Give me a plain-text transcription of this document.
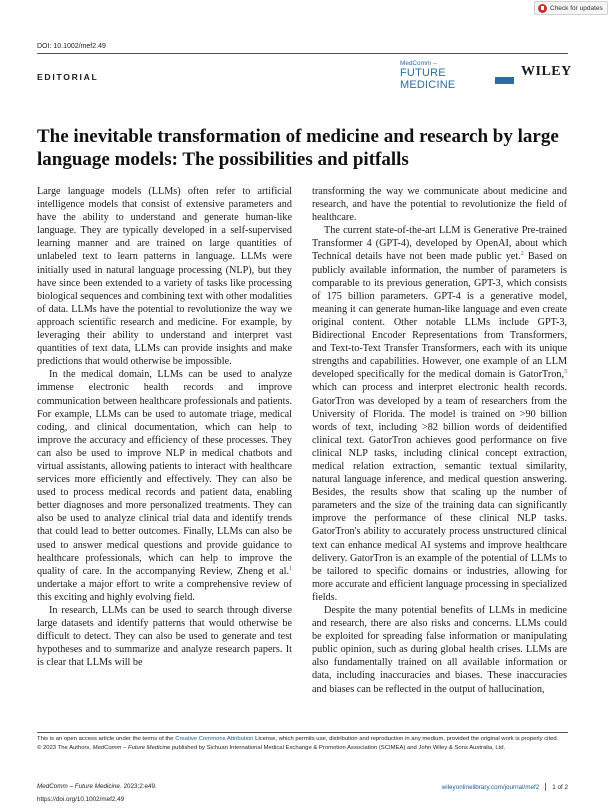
Check for updates
DOI: 10.1002/mef2.49
EDITORIAL
MedComm –
FUTURE MEDICINE
WILEY
The inevitable transformation of medicine and research by large language models: The possibilities and pitfalls

Large language models (LLMs) often refer to artificial intelligence models that consist of extensive parameters and have the ability to understand and generate human-like language. They are typically developed in a self-supervised learning manner and are trained on large quantities of unlabeled text to learn patterns in language. LLMs were initially used in natural language processing (NLP), but they have since been extended to a variety of tasks like processing biological sequences and combining text with other modalities of data. LLMs have the potential to revolutionize the way we approach scientific research and medicine. For example, by leveraging their ability to understand and interpret vast quantities of text data, LLMs can provide insights and make predictions that would otherwise be impossible.

In the medical domain, LLMs can be used to analyze immense electronic health records and improve communication between healthcare professionals and patients. For example, LLMs can be used to automate triage, medical coding, and clinical documentation, which can help to improve the accuracy and efficiency of these processes. They can also be used to improve NLP in medical chatbots and virtual assistants, allowing patients to interact with healthcare services more efficiently and effectively. They can also be used to process medical records and patient data, enabling better diagnoses and more personalized treatments. They can also be used to analyze clinical trial data and identify trends that could lead to better outcomes. Finally, LLMs can also be used to answer medical questions and provide guidance to healthcare professionals, which can help to improve the quality of care. In the accompanying Review, Zheng et al.$^1$ undertake a major effort to write a comprehensive review of this exciting and highly evolving field.

In research, LLMs can be used to search through diverse large datasets and identify patterns that would otherwise be difficult to detect. They can also be used to generate and test hypotheses and to summarize and analyze research papers. It is clear that LLMs will be

transforming the way we communicate about medicine and research, and have the potential to revolutionize the field of healthcare.

The current state-of-the-art LLM is Generative Pre-trained Transformer 4 (GPT-4), developed by OpenAI, about which Technical details have not been made public yet.$^2$ Based on publicly available information, the number of parameters is comparable to its previous generation, GPT-3, which consists of 175 billion parameters. GPT-4 is a generative model, meaning it can generate human-like language and even create original content. Other notable LLMs include GPT-3, Bidirectional Encoder Representations from Transformers, and Text-to-Text Transfer Transformers, each with its unique strengths and capabilities. However, one example of an LLM developed specifically for the medical domain is GatorTron,$^3$ which can process and interpret electronic health records. GatorTron was developed by a team of researchers from the University of Florida. The model is trained on >90 billion words of text, including >82 billion words of deidentified clinical text. GatorTron achieves good performance on five clinical NLP tasks, including clinical concept extraction, medical relation extraction, semantic textual similarity, natural language inference, and medical question answering. Besides, the results show that scaling up the number of parameters and the size of the training data can significantly improve the performance of these clinical NLP tasks. GatorTron's ability to accurately process unstructured clinical text can enhance medical AI systems and improve healthcare delivery. GatorTron is an example of the potential of LLMs to be tailored to specific domains or industries, allowing for more accurate and efficient language processing in specialized fields.

Despite the many potential benefits of LLMs in medicine and research, there are also risks and concerns. LLMs could be exploited for spreading false information or manipulating public opinion, such as during global health crises. LLMs are also fundamentally trained on all available information or data, including inaccuracies and biases. These inaccuracies and biases can be reflected in the output of hallucination,

This is an open access article under the terms of the Creative Commons Attribution License, which permits use, distribution and reproduction in any medium, provided the original work is properly cited.

© 2023 The Authors. MedComm – Future Medicine published by Sichuan International Medical Exchange & Promotion Association (SCIMEA) and John Wiley & Sons Australia, Ltd.

MedComm – Future Medicine. 2023;2:e49.
https://doi.org/10.1002/mef2.49
wileyonlinelibrary.com/journal/mef2 1 of 2
